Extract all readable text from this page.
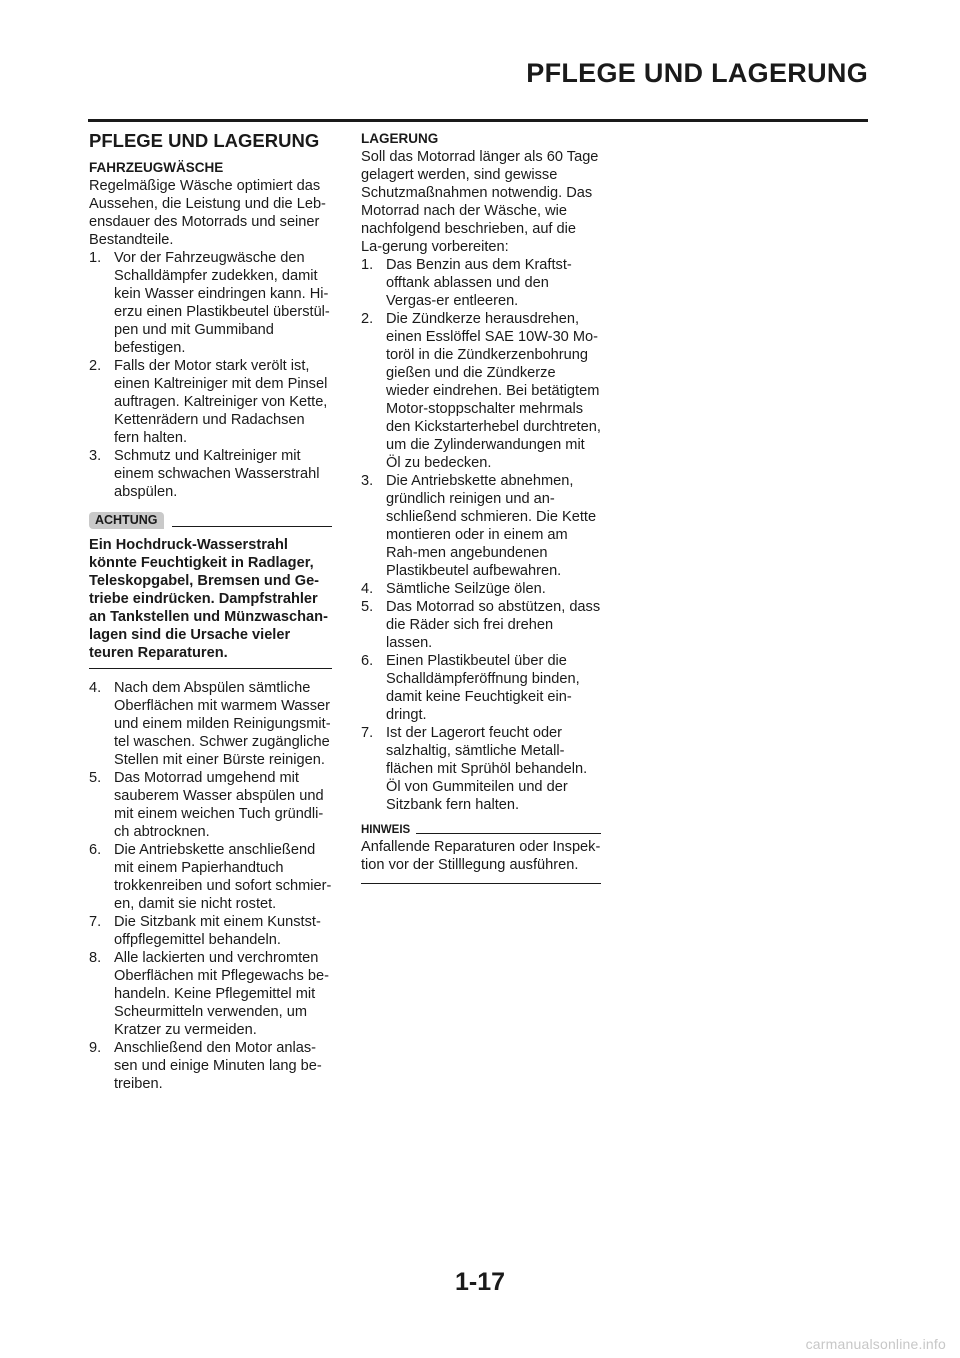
PFLEGE UND LAGERUNG
PFLEGE UND LAGERUNG
FAHRZEUGWÄSCHE

Regelmäßige Wäsche optimiert das Aussehen, die Leistung und die Leb-ensdauer des Motorrads und seiner Bestandteile.

1. Vor der Fahrzeugwäsche den Schalldämpfer zudekken, damit kein Wasser eindringen kann. Hi-erzu einen Plastikbeutel überstül-pen und mit Gummiband befestigen.
2. Falls der Motor stark verölt ist, einen Kaltreiniger mit dem Pinsel auftragen. Kaltreiniger von Kette, Kettenrädern und Radachsen fern halten.
3. Schmutz und Kaltreiniger mit einem schwachen Wasserstrahl abspülen.
ACHTUNG
Ein Hochdruck-Wasserstrahl könnte Feuchtigkeit in Radlager, Teleskopgabel, Bremsen und Ge-triebe eindrücken. Dampfstrahler an Tankstellen und Münzwaschan-lagen sind die Ursache vieler teuren Reparaturen.
4. Nach dem Abspülen sämtliche Oberflächen mit warmem Wasser und einem milden Reinigungsmit-tel waschen. Schwer zugängliche Stellen mit einer Bürste reinigen.
5. Das Motorrad umgehend mit sauberem Wasser abspülen und mit einem weichen Tuch gründli-ch abtrocknen.
6. Die Antriebskette anschließend mit einem Papierhandtuch trokkenreiben und sofort schmier-en, damit sie nicht rostet.
7. Die Sitzbank mit einem Kunstst-offpflegemittel behandeln.
8. Alle lackierten und verchromten Oberflächen mit Pflegewachs be-handeln. Keine Pflegemittel mit Scheurmitteln verwenden, um Kratzer zu vermeiden.
9. Anschließend den Motor anlas-sen und einige Minuten lang be-treiben.
LAGERUNG

Soll das Motorrad länger als 60 Tage gelagert werden, sind gewisse Schutzmaßnahmen notwendig. Das Motorrad nach der Wäsche, wie nachfolgend beschrieben, auf die La-gerung vorbereiten:

1. Das Benzin aus dem Kraftst-offtank ablassen und den Vergas-er entleeren.
2. Die Zündkerze herausdrehen, einen Esslöffel SAE 10W-30 Mo-toröl in die Zündkerzenbohrung gießen und die Zündkerze wieder eindrehen. Bei betätigtem Motor-stoppschalter mehrmals den Kickstarterhebel durchtreten, um die Zylinderwandungen mit Öl zu bedecken.
3. Die Antriebskette abnehmen, gründlich reinigen und an-schließend schmieren. Die Kette montieren oder in einem am Rah-men angebundenen Plastikbeutel aufbewahren.
4. Sämtliche Seilzüge ölen.
5. Das Motorrad so abstützen, dass die Räder sich frei drehen lassen.
6. Einen Plastikbeutel über die Schalldämpferöffnung binden, damit keine Feuchtigkeit ein-dringt.
7. Ist der Lagerort feucht oder salzhaltig, sämtliche Metall-flächen mit Sprühöl behandeln. Öl von Gummiteilen und der Sitzbank fern halten.
HINWEIS
Anfallende Reparaturen oder Inspek-tion vor der Stilllegung ausführen.
1-17
carmanualsonline.info
